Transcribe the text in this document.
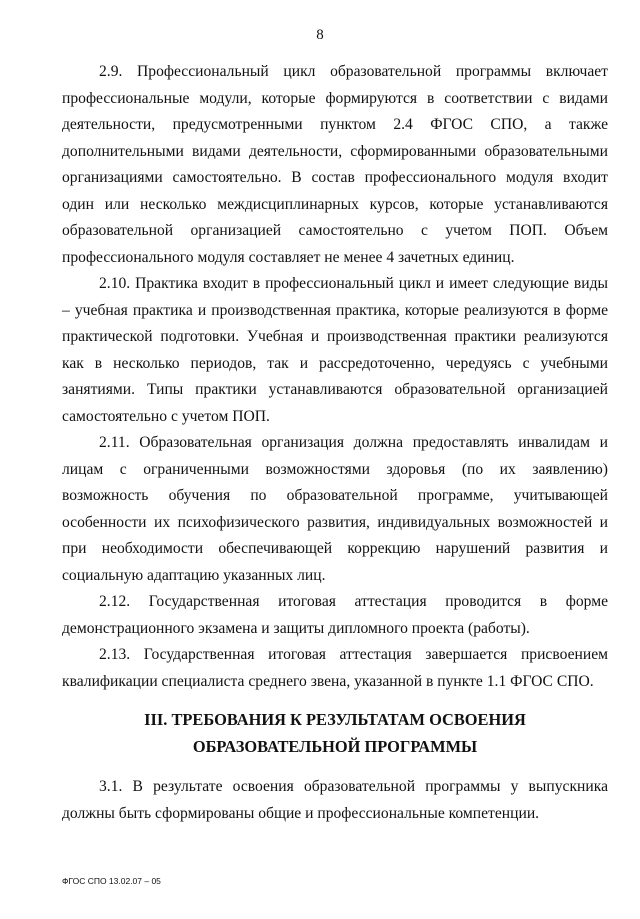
8

2.9. Профессиональный цикл образовательной программы включает профессиональные модули, которые формируются в соответствии с видами деятельности, предусмотренными пунктом 2.4 ФГОС СПО, а также дополнительными видами деятельности, сформированными образовательными организациями самостоятельно. В состав профессионального модуля входит один или несколько междисциплинарных курсов, которые устанавливаются образовательной организацией самостоятельно с учетом ПОП. Объем профессионального модуля составляет не менее 4 зачетных единиц.

2.10. Практика входит в профессиональный цикл и имеет следующие виды – учебная практика и производственная практика, которые реализуются в форме практической подготовки. Учебная и производственная практики реализуются как в несколько периодов, так и рассредоточенно, чередуясь с учебными занятиями. Типы практики устанавливаются образовательной организацией самостоятельно с учетом ПОП.

2.11. Образовательная организация должна предоставлять инвалидам и лицам с ограниченными возможностями здоровья (по их заявлению) возможность обучения по образовательной программе, учитывающей особенности их психофизического развития, индивидуальных возможностей и при необходимости обеспечивающей коррекцию нарушений развития и социальную адаптацию указанных лиц.

2.12. Государственная итоговая аттестация проводится в форме демонстрационного экзамена и защиты дипломного проекта (работы).

2.13. Государственная итоговая аттестация завершается присвоением квалификации специалиста среднего звена, указанной в пункте 1.1 ФГОС СПО.

III. ТРЕБОВАНИЯ К РЕЗУЛЬТАТАМ ОСВОЕНИЯ ОБРАЗОВАТЕЛЬНОЙ ПРОГРАММЫ

3.1. В результате освоения образовательной программы у выпускника должны быть сформированы общие и профессиональные компетенции.

ФГОС СПО 13.02.07 – 05
